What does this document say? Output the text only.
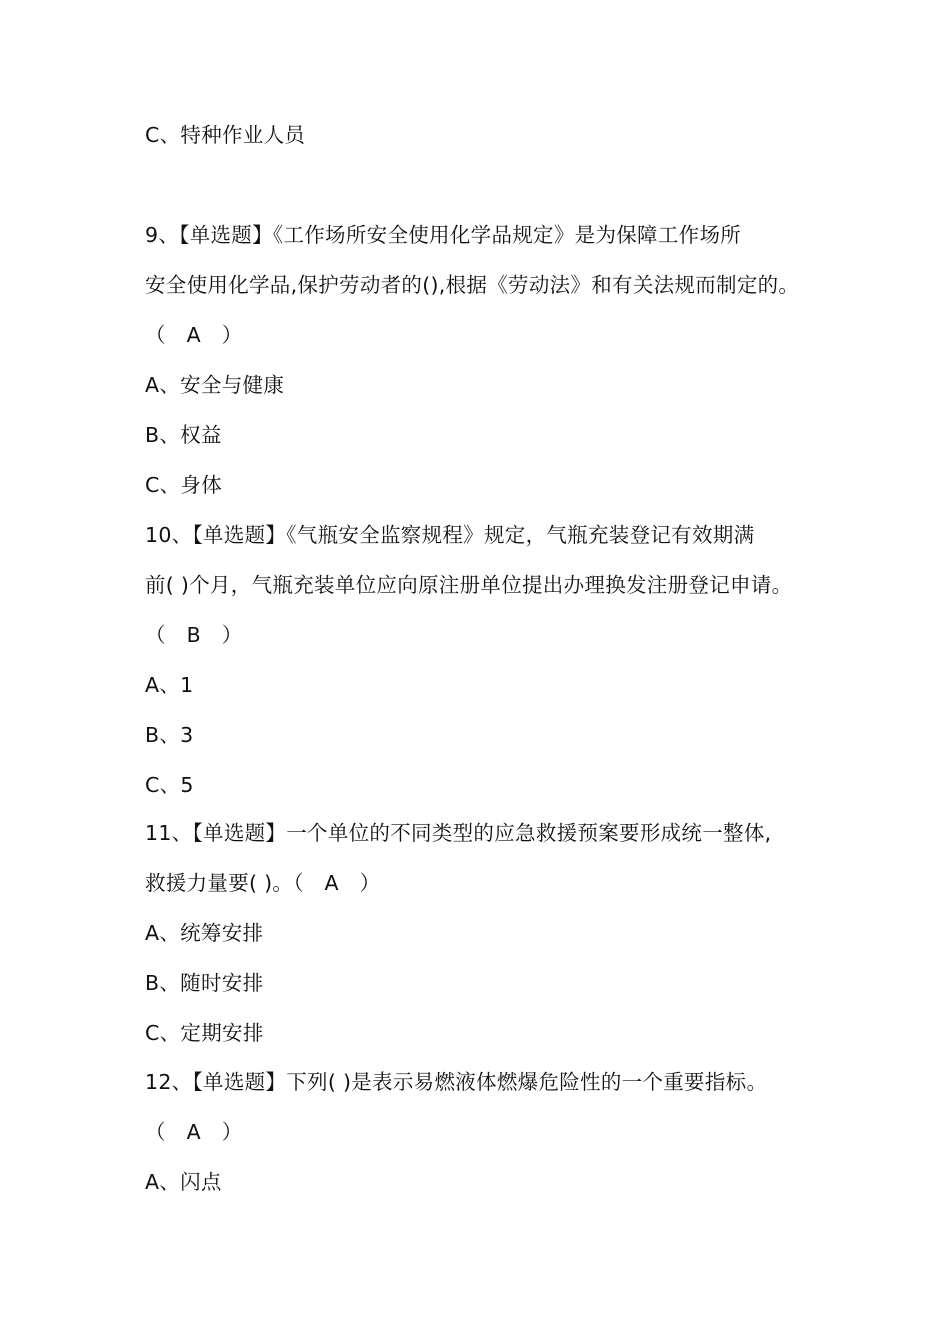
C、特种作业人员
9、【单选题】《工作场所安全使用化学品规定》是为保障工作场所
安全使用化学品,保护劳动者的(),根据《劳动法》和有关法规而制定的。
（　A　）
A、安全与健康
B、权益
C、身体
10、【单选题】《气瓶安全监察规程》规定，气瓶充装登记有效期满
前( )个月，气瓶充装单位应向原注册单位提出办理换发注册登记申请。
（　B　）
A、1
B、3
C、5
11、【单选题】一个单位的不同类型的应急救援预案要形成统一整体,
救援力量要( )。（　A　）
A、统筹安排
B、随时安排
C、定期安排
12、【单选题】下列( )是表示易燃液体燃爆危险性的一个重要指标。
（　A　）
A、闪点
